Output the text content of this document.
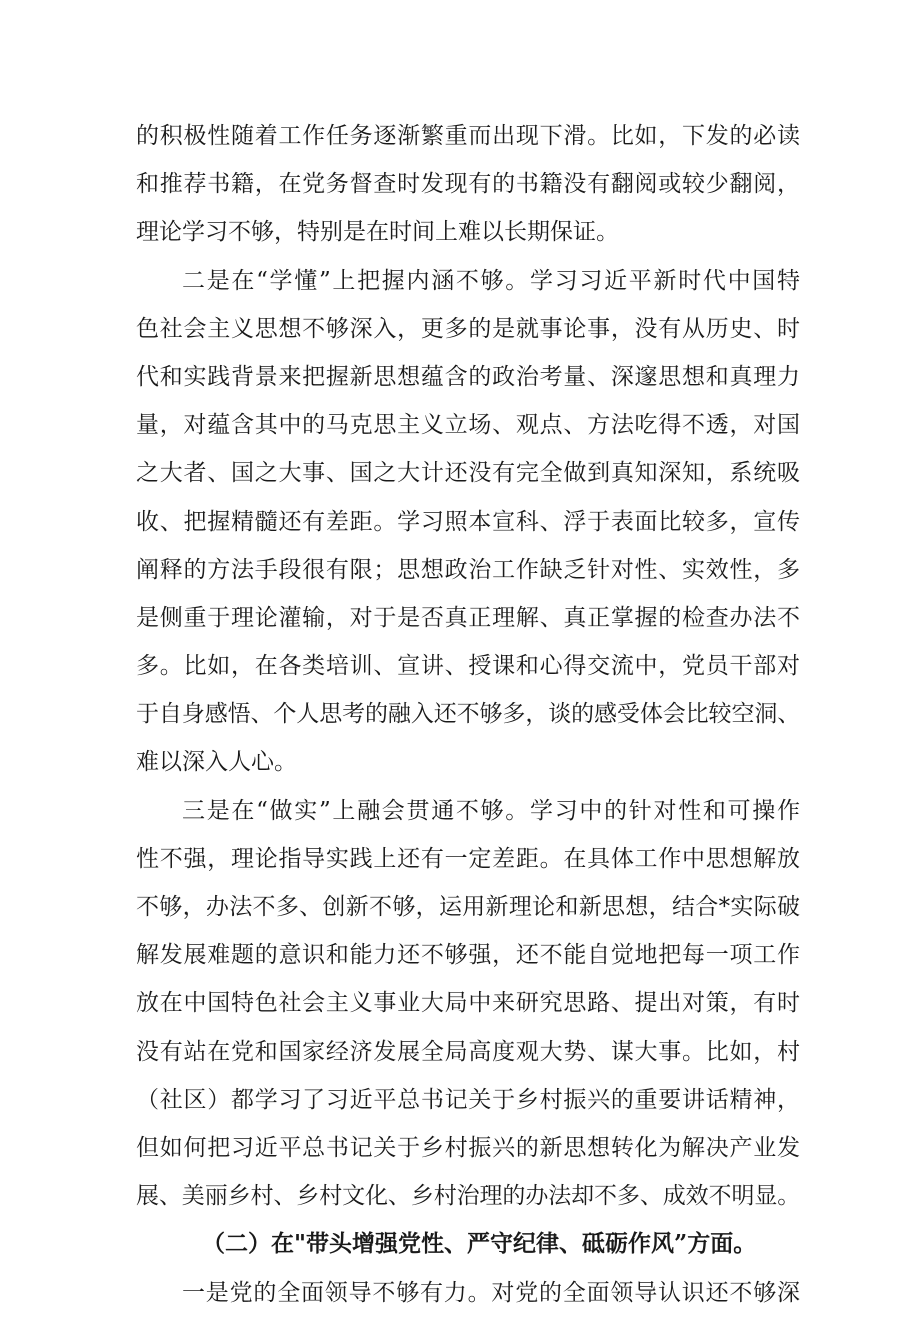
的积极性随着工作任务逐渐繁重而出现下滑。比如，下发的必读
和推荐书籍，在党务督查时发现有的书籍没有翻阅或较少翻阅，
理论学习不够，特别是在时间上难以长期保证。
二是在“学懂”上把握内涵不够。学习习近平新时代中国特
色社会主义思想不够深入，更多的是就事论事，没有从历史、时
代和实践背景来把握新思想蕴含的政治考量、深邃思想和真理力
量，对蕴含其中的马克思主义立场、观点、方法吃得不透，对国
之大者、国之大事、国之大计还没有完全做到真知深知，系统吸
收、把握精髓还有差距。学习照本宣科、浮于表面比较多，宣传
阐释的方法手段很有限；思想政治工作缺乏针对性、实效性，多
是侧重于理论灌输，对于是否真正理解、真正掌握的检查办法不
多。比如，在各类培训、宣讲、授课和心得交流中，党员干部对
于自身感悟、个人思考的融入还不够多，谈的感受体会比较空洞、
难以深入人心。
三是在“做实”上融会贯通不够。学习中的针对性和可操作
性不强，理论指导实践上还有一定差距。在具体工作中思想解放
不够，办法不多、创新不够，运用新理论和新思想，结合*实际破
解发展难题的意识和能力还不够强，还不能自觉地把每一项工作
放在中国特色社会主义事业大局中来研究思路、提出对策，有时
没有站在党和国家经济发展全局高度观大势、谋大事。比如，村
（社区）都学习了习近平总书记关于乡村振兴的重要讲话精神，
但如何把习近平总书记关于乡村振兴的新思想转化为解决产业发
展、美丽乡村、乡村文化、乡村治理的办法却不多、成效不明显。
（二）在"带头增强党性、严守纪律、砥砺作风”方面。
一是党的全面领导不够有力。对党的全面领导认识还不够深
